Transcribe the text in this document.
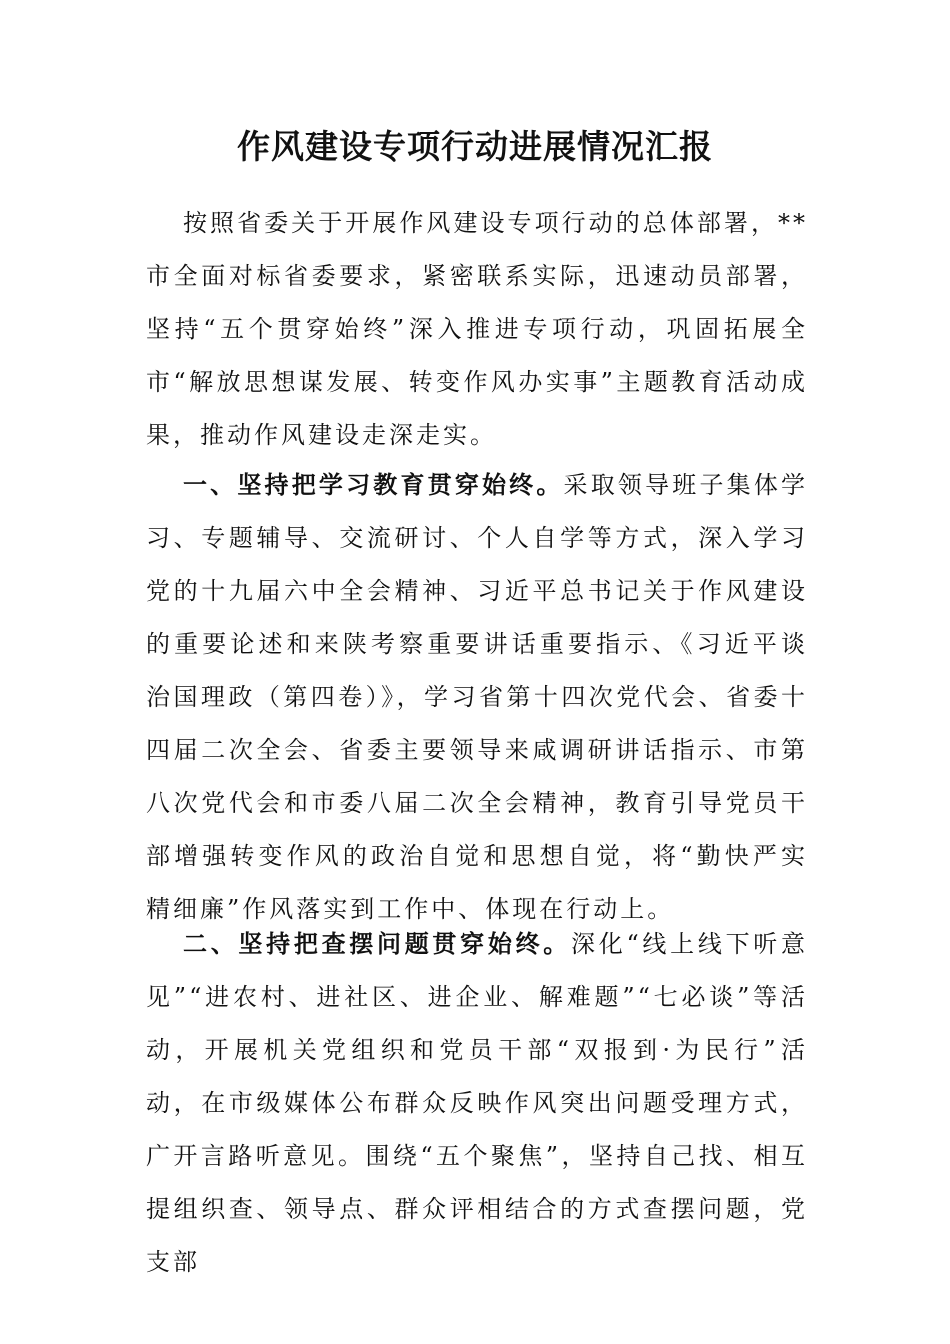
作风建设专项行动进展情况汇报

按照省委关于开展作风建设专项行动的总体部署，**市全面对标省委要求，紧密联系实际，迅速动员部署，坚持“五个贯穿始终”深入推进专项行动，巩固拓展全市“解放思想谋发展、转变作风办实事”主题教育活动成果，推动作风建设走深走实。

一、坚持把学习教育贯穿始终。采取领导班子集体学习、专题辅导、交流研讨、个人自学等方式，深入学习党的十九届六中全会精神、习近平总书记关于作风建设的重要论述和来陕考察重要讲话重要指示、《习近平谈治国理政（第四卷）》，学习省第十四次党代会、省委十四届二次全会、省委主要领导来咸调研讲话指示、市第八次党代会和市委八届二次全会精神，教育引导党员干部增强转变作风的政治自觉和思想自觉，将“勤快严实精细廉”作风落实到工作中、体现在行动上。

二、坚持把查摆问题贯穿始终。深化“线上线下听意见”“进农村、进社区、进企业、解难题”“七必谈”等活动，开展机关党组织和党员干部“双报到·为民行”活动，在市级媒体公布群众反映作风突出问题受理方式，广开言路听意见。围绕“五个聚焦”，坚持自己找、相互提组织查、领导点、群众评相结合的方式查摆问题，党支部
